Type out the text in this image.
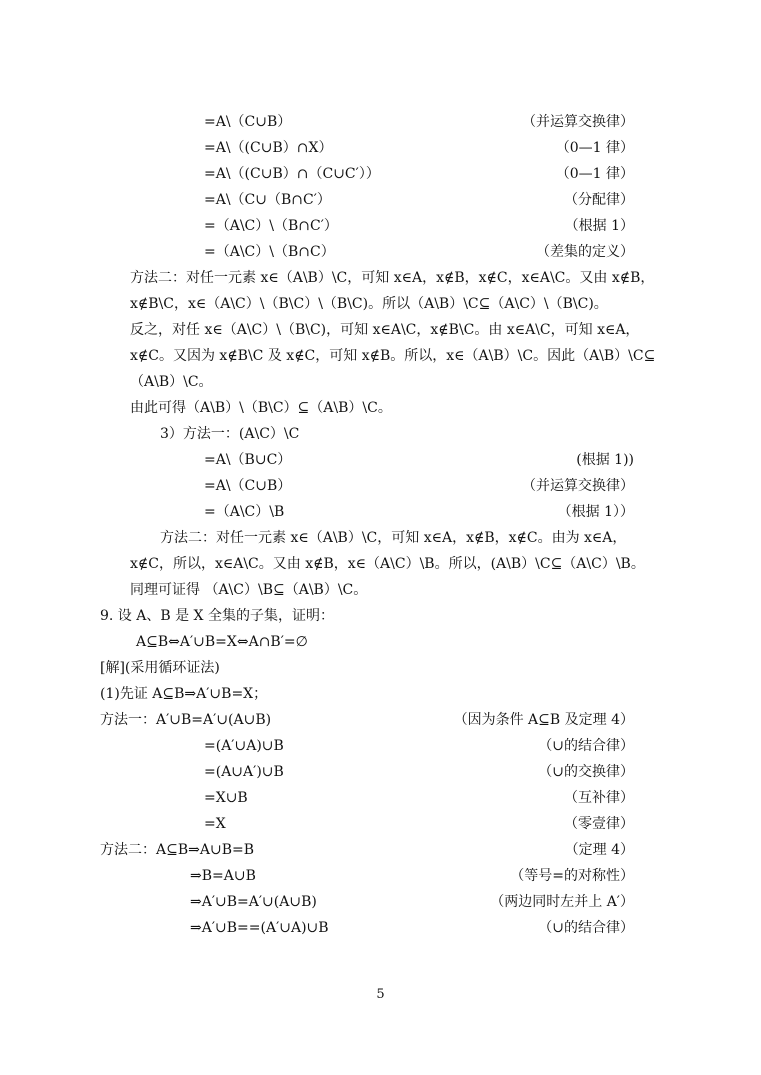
=A\（C∪B）	（并运算交换律）
=A\（(C∪B）∩X）	（0—1 律）
=A\（(C∪B）∩（C∪C′））	（0—1 律）
=A\（C∪（B∩C′）	（分配律）
=（A\C）\（B∩C′）	（根据 1）
=（A\C）\（B∩C）	（差集的定义）
方法二：对任一元素 x∈（A\B）\C，可知 x∈A，x∉B，x∉C，x∈A\C。又由 x∉B，
x∉B\C，x∈（A\C）\（B\C）\（B\C)。所以（A\B）\C⊆（A\C）\（B\C)。
反之，对任 x∈（A\C）\（B\C)，可知 x∈A\C，x∉B\C。由 x∈A\C，可知 x∈A，
x∉C。又因为 x∉B\C 及 x∉C，可知 x∉B。所以，x∈（A\B）\C。因此（A\B）\C⊆
（A\B）\C。
由此可得（A\B）\（B\C）⊆（A\B）\C。
3）方法一：(A\C）\C
=A\（B∪C）	(根据 1))
=A\（C∪B）	（并运算交换律）
=（A\C）\B	（根据 1））
方法二：对任一元素 x∈（A\B）\C，可知 x∈A，x∉B，x∉C。由为 x∈A，
x∉C，所以，x∈A\C。又由 x∉B，x∈（A\C）\B。所以，(A\B）\C⊆（A\C）\B。
同理可证得 （A\C）\B⊆（A\B）\C。
9. 设 A、B 是 X 全集的子集，证明：
A⊆B⇔A′∪B=X⇔A∩B′=∅
[解](采用循环证法)
(1)先证 A⊆B⇒A′∪B=X；
方法一：A′∪B=A′∪(A∪B)	（因为条件 A⊆B 及定理 4）
=(A′∪A)∪B	（∪的结合律）
=(A∪A′)∪B	（∪的交换律）
=X∪B	（互补律）
=X	（零壹律）
方法二：A⊆B⇒A∪B=B	（定理 4）
⇒B=A∪B	（等号=的对称性）
⇒A′∪B=A′∪(A∪B)	（两边同时左并上 A′）
⇒A′∪B==(A′∪A)∪B	（∪的结合律）
5
